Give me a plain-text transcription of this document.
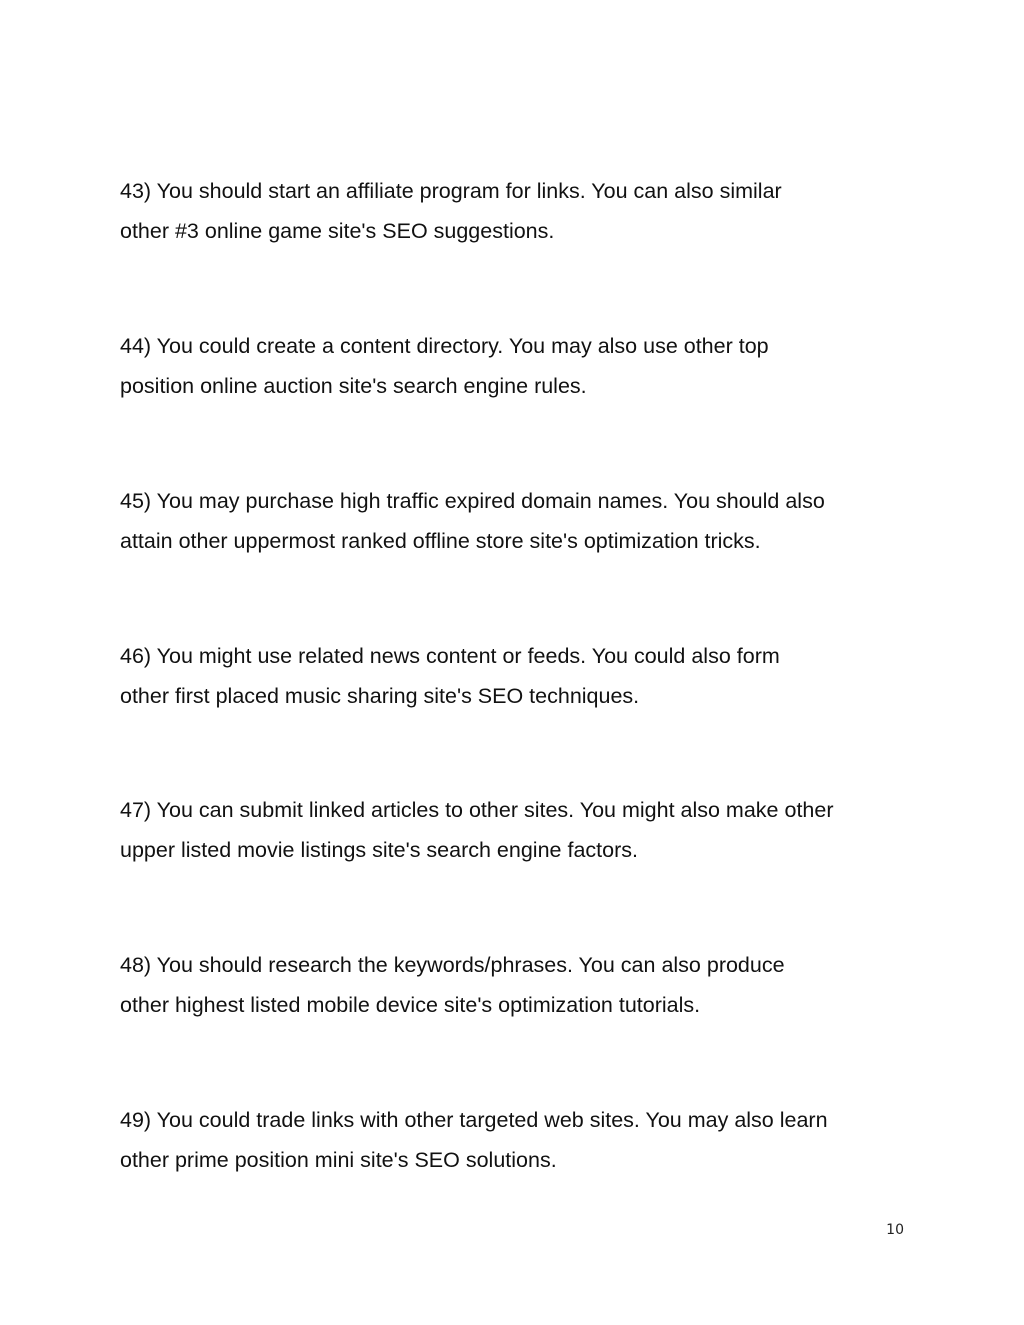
43) You should start an affiliate program for links. You can also similar
other #3 online game site's SEO suggestions.

44) You could create a content directory. You may also use other top
position online auction site's search engine rules.

45) You may purchase high traffic expired domain names. You should also
attain other uppermost ranked offline store site's optimization tricks.

46) You might use related news content or feeds. You could also form
other first placed music sharing site's SEO techniques.

47) You can submit linked articles to other sites. You might also make other
upper listed movie listings site's search engine factors.

48) You should research the keywords/phrases. You can also produce
other highest listed mobile device site's optimization tutorials.

49) You could trade links with other targeted web sites. You may also learn
other prime position mini site's SEO solutions.

10
